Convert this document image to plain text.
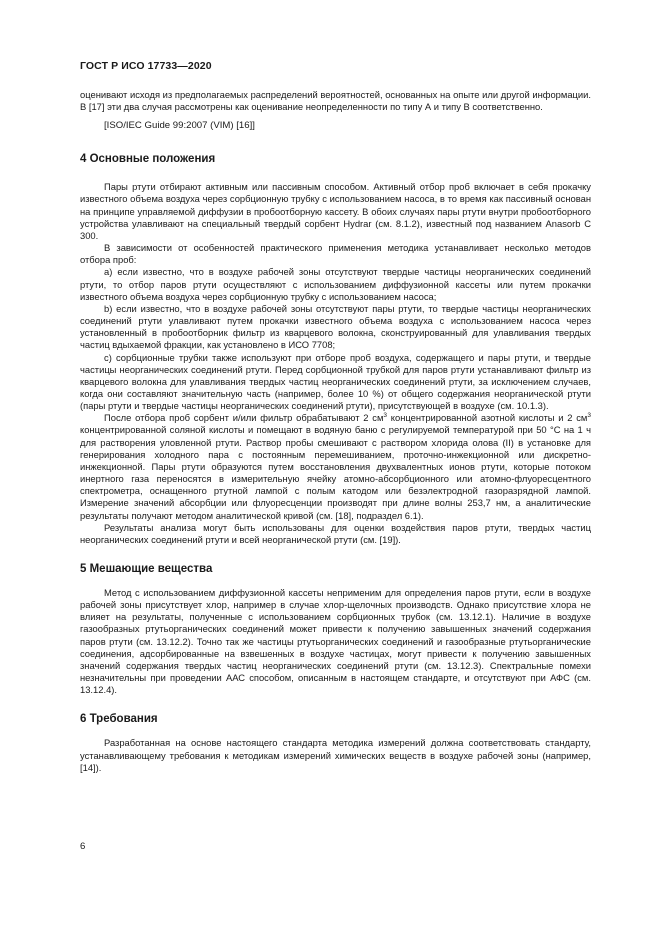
ГОСТ Р ИСО 17733—2020

оценивают исходя из предполагаемых распределений вероятностей, основанных на опыте или другой информации. В [17] эти два случая рассмотрены как оценивание неопределенности по типу А и типу В соответственно.

[ISO/IEC Guide 99:2007 (VIM) [16]]
4 Основные положения

Пары ртути отбирают активным или пассивным способом. Активный отбор проб включает в себя прокачку известного объема воздуха через сорбционную трубку с использованием насоса, в то время как пассивный основан на принципе управляемой диффузии в пробоотборную кассету. В обоих случаях пары ртути внутри пробоотборного устройства улавливают на специальный твердый сорбент Hydrar (см. 8.1.2), известный под названием Anasorb C 300.

В зависимости от особенностей практического применения методика устанавливает несколько методов отбора проб:

a) если известно, что в воздухе рабочей зоны отсутствуют твердые частицы неорганических соединений ртути, то отбор паров ртути осуществляют с использованием диффузионной кассеты или путем прокачки известного объема воздуха через сорбционную трубку с использованием насоса;

b) если известно, что в воздухе рабочей зоны отсутствуют пары ртути, то твердые частицы неорганических соединений ртути улавливают путем прокачки известного объема воздуха с использованием насоса через установленный в пробоотборник фильтр из кварцевого волокна, сконструированный для улавливания твердых частиц вдыхаемой фракции, как установлено в ИСО 7708;

c) сорбционные трубки также используют при отборе проб воздуха, содержащего и пары ртути, и твердые частицы неорганических соединений ртути. Перед сорбционной трубкой для паров ртути устанавливают фильтр из кварцевого волокна для улавливания твердых частиц неорганических соединений ртути, за исключением случаев, когда они составляют значительную часть (например, более 10 %) от общего содержания неорганической ртути (пары ртути и твердые частицы неорганических соединений ртути), присутствующей в воздухе (см. 10.1.3).

После отбора проб сорбент и/или фильтр обрабатывают 2 $см^3$ концентрированной азотной кислоты и 2 $см^3$ концентрированной соляной кислоты и помещают в водяную баню с регулируемой температурой при 50 °C на 1 ч для растворения уловленной ртути. Раствор пробы смешивают с раствором хлорида олова (II) в установке для генерирования холодного пара с постоянным перемешиванием, проточно-инжекционной или дискретно-инжекционной. Пары ртути образуются путем восстановления двухвалентных ионов ртути, которые потоком инертного газа переносятся в измерительную ячейку атомно-абсорбционного или атомно-флуоресцентного спектрометра, оснащенного ртутной лампой с полым катодом или безэлектродной газоразрядной лампой. Измерение значений абсорбции или флуоресценции производят при длине волны 253,7 нм, а аналитические результаты получают методом аналитической кривой (см. [18], подраздел 6.1).

Результаты анализа могут быть использованы для оценки воздействия паров ртути, твердых частиц неорганических соединений ртути и всей неорганической ртути (см. [19]).

5 Мешающие вещества

Метод с использованием диффузионной кассеты неприменим для определения паров ртути, если в воздухе рабочей зоны присутствует хлор, например в случае хлор-щелочных производств. Однако присутствие хлора не влияет на результаты, полученные с использованием сорбционных трубок (см. 13.12.1). Наличие в воздухе газообразных ртутьорганических соединений может привести к получению завышенных значений содержания паров ртути (см. 13.12.2). Точно так же частицы ртутьорганических соединений и газообразные ртутьорганические соединения, адсорбированные на взвешенных в воздухе частицах, могут привести к получению завышенных значений содержания твердых частиц неорганических соединений ртути (см. 13.12.3). Спектральные помехи незначительны при проведении ААС способом, описанным в настоящем стандарте, и отсутствуют при АФС (см. 13.12.4).

6 Требования

Разработанная на основе настоящего стандарта методика измерений должна соответствовать стандарту, устанавливающему требования к методикам измерений химических веществ в воздухе рабочей зоны (например, [14]).

6
